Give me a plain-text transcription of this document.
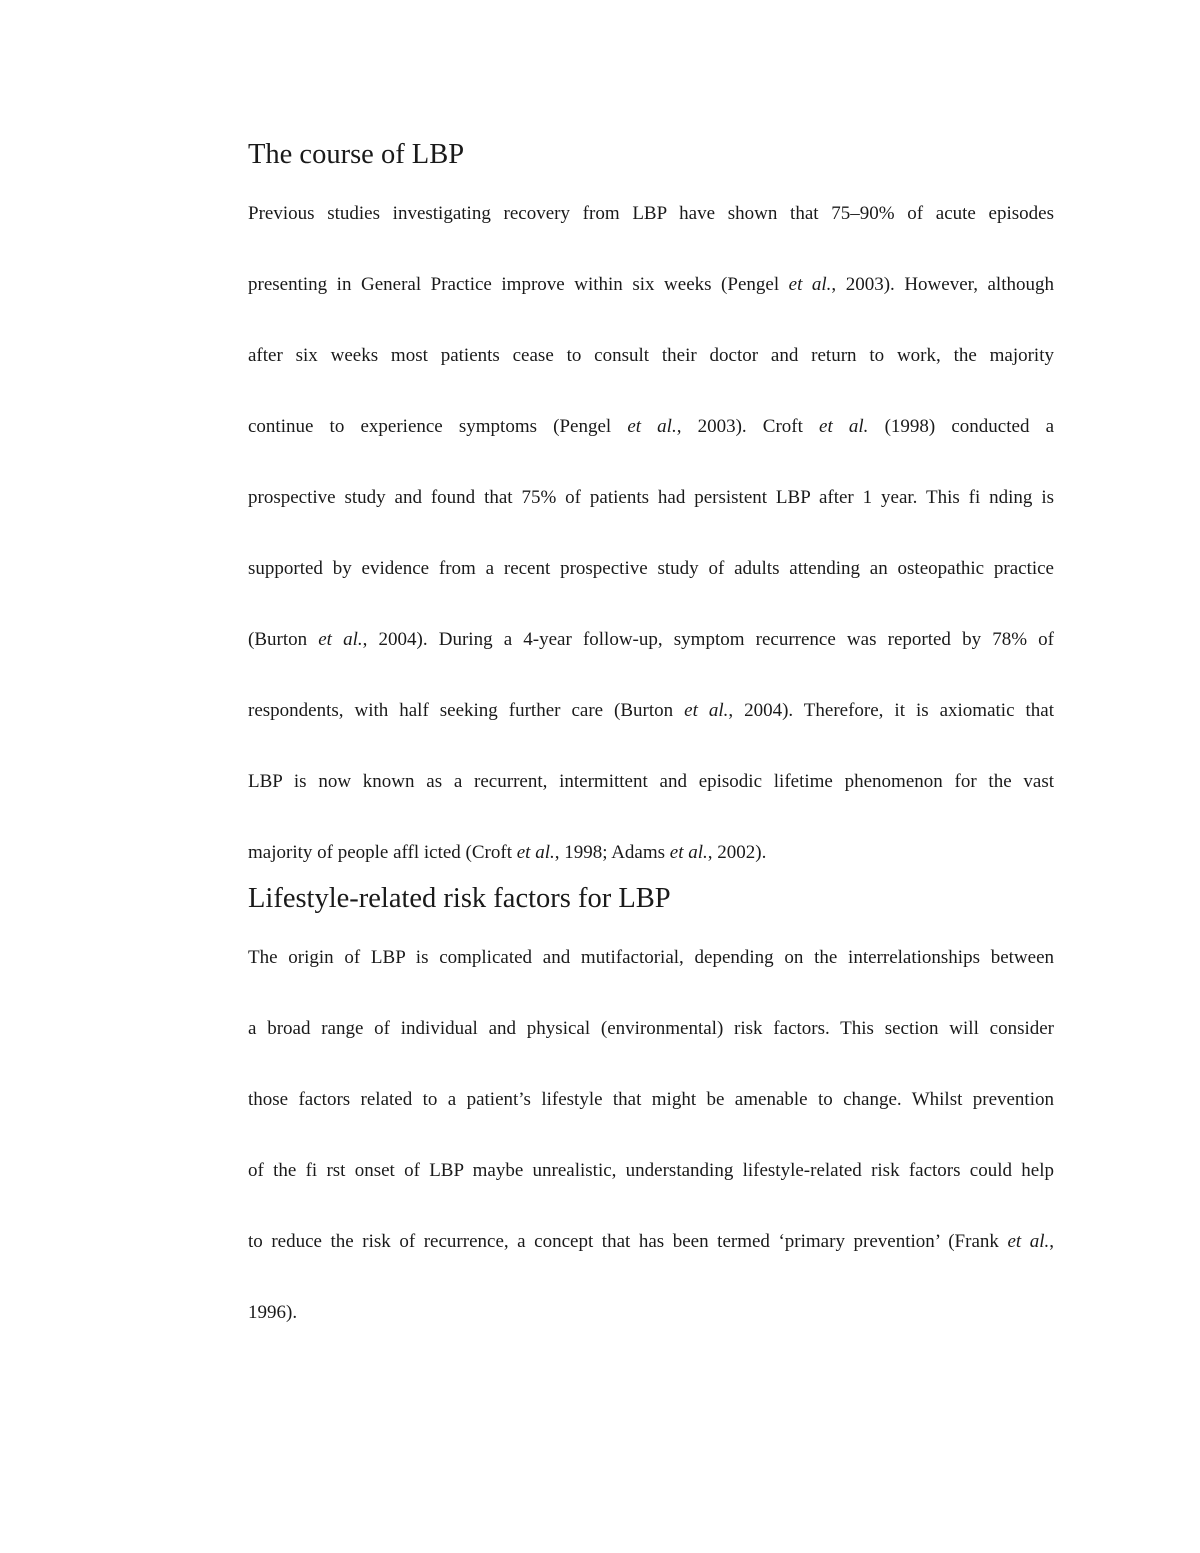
The course of LBP

Previous studies investigating recovery from LBP have shown that 75–90% of acute episodes
presenting in General Practice improve within six weeks (Pengel et al., 2003). However, although
after six weeks most patients cease to consult their doctor and return to work, the majority
continue to experience symptoms (Pengel et al., 2003). Croft et al. (1998) conducted a
prospective study and found that 75% of patients had persistent LBP after 1 year. This fi nding is
supported by evidence from a recent prospective study of adults attending an osteopathic practice
(Burton et al., 2004). During a 4-year follow-up, symptom recurrence was reported by 78% of
respondents, with half seeking further care (Burton et al., 2004). Therefore, it is axiomatic that
LBP is now known as a recurrent, intermittent and episodic lifetime phenomenon for the vast
majority of people affl icted (Croft et al., 1998; Adams et al., 2002).

Lifestyle-related risk factors for LBP

The origin of LBP is complicated and mutifactorial, depending on the interrelationships between
a broad range of individual and physical (environmental) risk factors. This section will consider
those factors related to a patient’s lifestyle that might be amenable to change. Whilst prevention
of the fi rst onset of LBP maybe unrealistic, understanding lifestyle-related risk factors could help
to reduce the risk of recurrence, a concept that has been termed ‘primary prevention’ (Frank et al.,
1996).
